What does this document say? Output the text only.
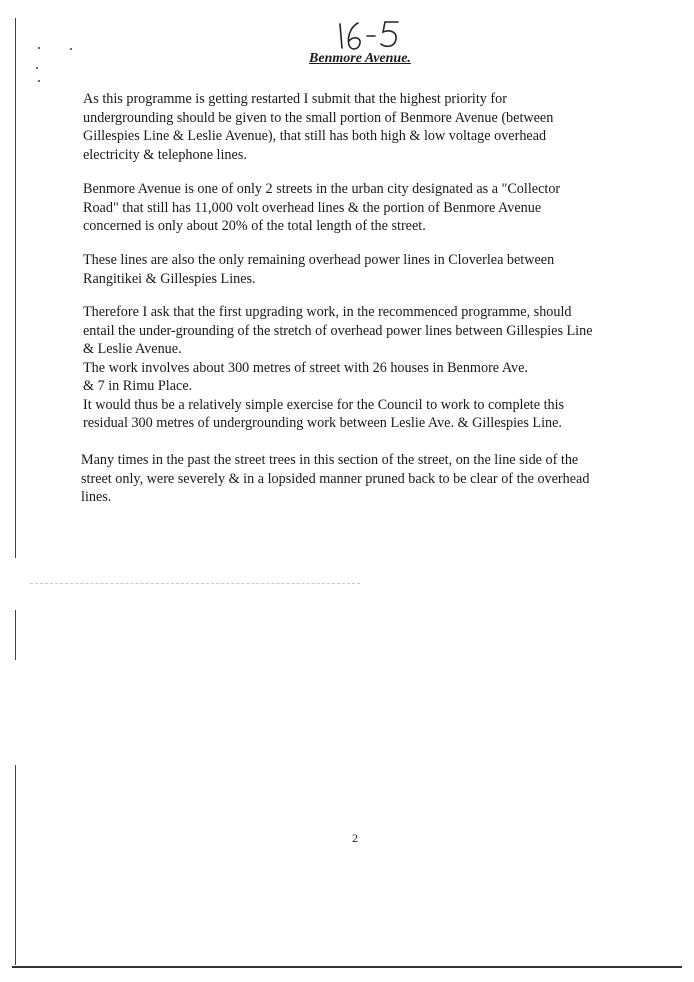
Benmore Avenue.

As this programme is getting restarted I submit that the highest priority for
undergrounding should be given to the small portion of Benmore Avenue (between
Gillespies Line & Leslie Avenue), that still has both high & low voltage overhead
electricity & telephone lines.

Benmore Avenue is one of only 2 streets in the urban city designated as a "Collector
Road" that still has 11,000 volt overhead lines & the portion of Benmore Avenue
concerned is only about 20% of the total length of the street.

These lines are also the only remaining overhead power lines in Cloverlea between
Rangitikei & Gillespies Lines.

Therefore I ask that the first upgrading work, in the recommenced programme, should
entail the under-grounding of the stretch of overhead power lines between Gillespies Line
& Leslie Avenue.
The work involves about 300 metres of street with 26 houses in Benmore Ave.
& 7 in Rimu Place.
It would thus be a relatively simple exercise for the Council to work to complete this
residual 300 metres of undergrounding work between Leslie Ave. & Gillespies Line.

Many times in the past the street trees in this section of the street, on the line side of the
street only, were severely & in a lopsided manner pruned back to be clear of the overhead
lines.

2
